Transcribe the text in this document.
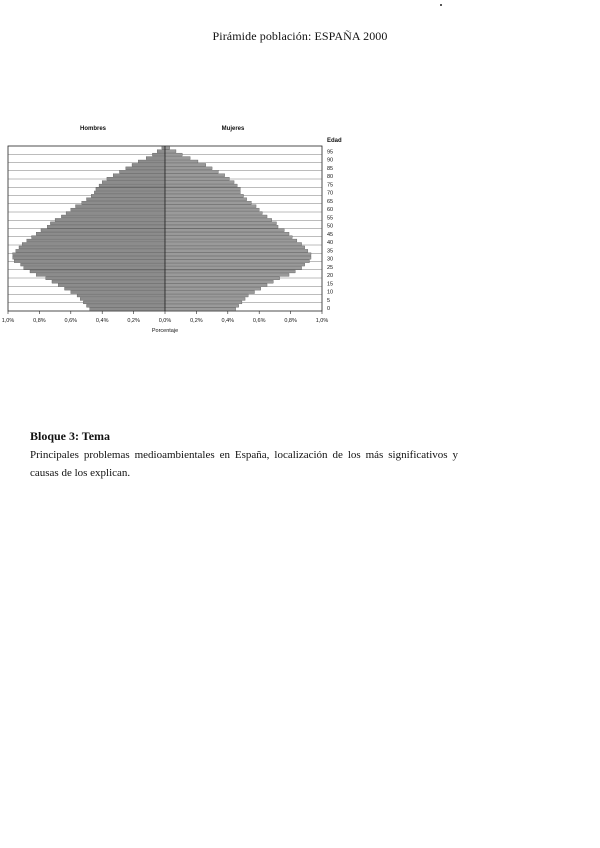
Pirámide población: ESPAÑA 2000
Hombres	Mujeres
Edad
0
5
10
15
20
25
30
35
40
45
50
55
60
65
70
75
80
85
90
95
1,0%	0,8%	0,6%	0,4%	0,2%	0,0%	0,2%	0,4%	0,6%	0,8%	1,0%
Porcentaje
Bloque 3: Tema
Principales problemas medioambientales en España, localización de los más significativos y causas de los explican.
